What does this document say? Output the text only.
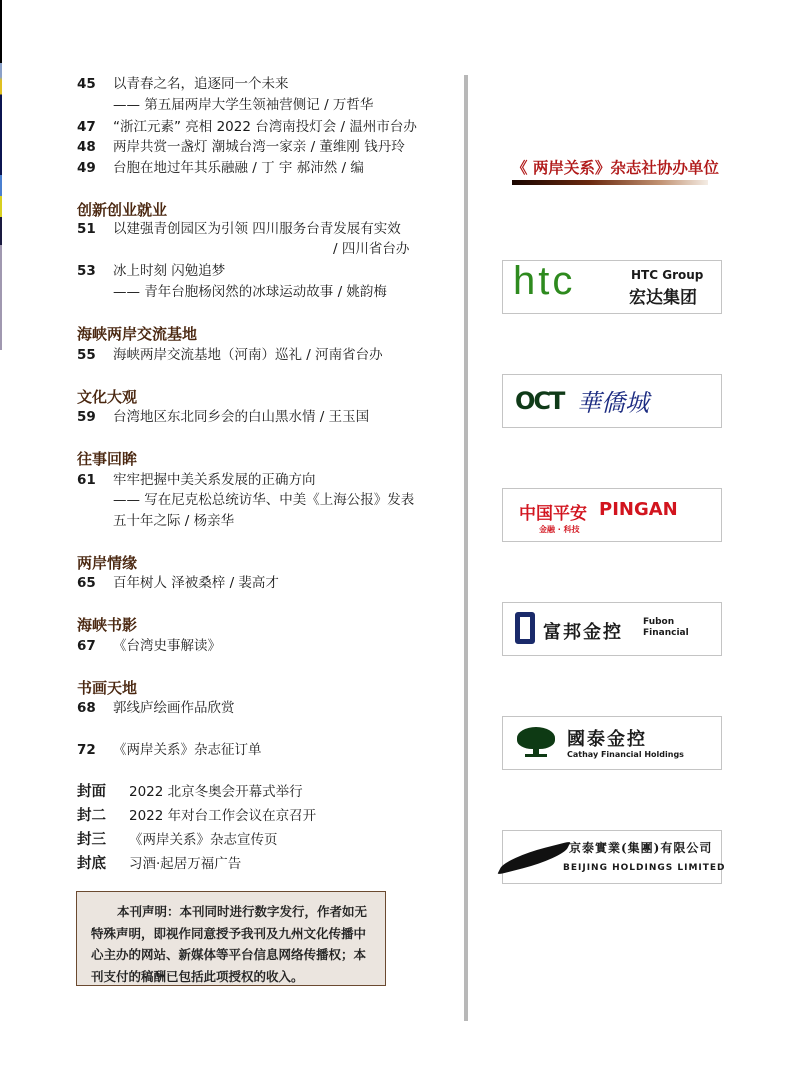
45	以青春之名，追逐同一个未来
—— 第五届两岸大学生领袖营侧记 / 万哲华
47	“浙江元素” 亮相 2022 台湾南投灯会 / 温州市台办
48	两岸共赏一盏灯 潮城台湾一家亲 / 董维刚 钱丹玲
49	台胞在地过年其乐融融 / 丁 宇 郝沛然 / 编
创新创业就业
51	以建强青创园区为引领 四川服务台青发展有实效
/ 四川省台办
53	冰上时刻 闪勉追梦
—— 青年台胞杨闵然的冰球运动故事 / 姚韵梅
海峡两岸交流基地
55	海峡两岸交流基地（河南）巡礼 / 河南省台办
文化大观
59	台湾地区东北同乡会的白山黑水情 / 王玉国
往事回眸
61	牢牢把握中美关系发展的正确方向
—— 写在尼克松总统访华、中美《上海公报》发表
五十年之际 / 杨亲华
两岸情缘
65	百年树人 泽被桑梓 / 裴高才
海峡书影
67	《台湾史事解读》
书画天地
68	郭线庐绘画作品欣赏
72	《两岸关系》杂志征订单
封面	2022 北京冬奥会开幕式举行
封二	2022 年对台工作会议在京召开
封三	《两岸关系》杂志宣传页
封底	习酒·起居万福广告
本刊声明：本刊同时进行数字发行，作者如无特殊声明，即视作同意授予我刊及九州文化传播中心主办的网站、新媒体等平台信息网络传播权；本刊支付的稿酬已包括此项授权的收入。
《 两岸关系》杂志社协办单位
htc	HTC Group
宏达集团
OCT 華僑城
中国平安 PINGAN
金融 · 科技
富邦金控 Fubon
Financial
國泰金控
Cathay Financial Holdings
京泰實業(集團)有限公司
BEIJING HOLDINGS LIMITED
